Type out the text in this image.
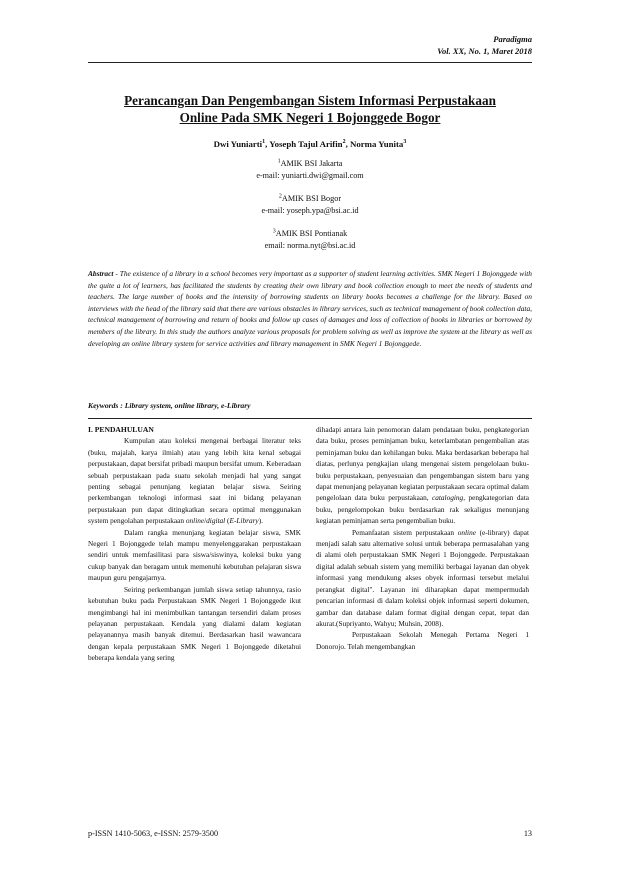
Paradigma
Vol. XX, No. 1, Maret 2018
Perancangan Dan Pengembangan Sistem Informasi Perpustakaan
Online Pada SMK Negeri 1 Bojonggede Bogor
Dwi Yuniarti$^1$, Yoseph Tajul Arifin$^2$, Norma Yunita$^3$
$^1$AMIK BSI Jakarta
e-mail: yuniarti.dwi@gmail.com
$^2$AMIK BSI Bogor
e-mail: yoseph.ypa@bsi.ac.id
$^3$AMIK BSI Pontianak
email: norma.nyt@bsi.ac.id
Abstract - The existence of a library in a school becomes very important as a supporter of student learning activities. SMK Negeri 1 Bojonggede with the quite a lot of learners, has facilitated the students by creating their own library and book collection enough to meet the needs of students and teachers. The large number of books and the intensity of borrowing students on library books becomes a challenge for the library. Based on interviews with the head of the library said that there are various obstacles in library services, such as technical management of book collection data, technical management of borrowing and return of books and follow up cases of damages and loss of collection of books in libraries or borrowed by members of the library. In this study the authors analyze various proposals for problem solving as well as improve the system at the library as well as developing an online library system for service activities and library management in SMK Negeri 1 Bojonggede.
Keywords : Library system, online library, e-Library

I. PENDAHULUAN

Kumpulan atau koleksi mengenai berbagai literatur teks (buku, majalah, karya ilmiah) atau yang lebih kita kenal sebagai perpustakaan, dapat bersifat pribadi maupun bersifat umum. Keberadaan sebuah perpustakaan pada suatu sekolah menjadi hal yang sangat penting sebagai penunjang kegiatan belajar siswa. Seiring perkembangan teknologi informasi saat ini bidang pelayanan perpustakaan pun dapat ditingkatkan secara optimal menggunakan system pengolahan perpustakaan online/digital (E-Library).

Dalam rangka menunjang kegiatan belajar siswa, SMK Negeri 1 Bojonggede telah mampu menyelenggarakan perpustakaan sendiri untuk memfasilitasi para siswa/siswinya, koleksi buku yang cukup banyak dan beragam untuk memenuhi kebutuhan pelajaran siswa maupun guru pengajarnya.

Seiring perkembangan jumlah siswa setiap tahunnya, rasio kebutuhan buku pada Perpustakaan SMK Negeri 1 Bojonggede ikut mengimbangi hal ini menimbulkan tantangan tersendiri dalam proses pelayanan perpustakaan. Kendala yang dialami dalam kegiatan pelayanannya masih banyak ditemui. Berdasarkan hasil wawancara dengan kepala perpustakaan SMK Negeri 1 Bojonggede diketahui beberapa kendala yang sering

dihadapi antara lain penomoran dalam pendataan buku, pengkategorian data buku, proses peminjaman buku, keterlambatan pengembalian atas peminjaman buku dan kehilangan buku. Maka berdasarkan beberapa hal diatas, perlunya pengkajian ulang mengenai sistem pengelolaan buku-buku perpustakaan, penyesuaian dan pengembangan sistem baru yang dapat menunjang pelayanan kegiatan perpustakaan secara optimal dalam pengelolaan data buku perpustakaan, cataloging, pengkategorian data buku, pengelompokan buku berdasarkan rak sekaligus menunjang kegiatan peminjaman serta pengembalian buku.

Pemanfaatan sistem perpustakaan online (e-library) dapat menjadi salah satu alternative solusi untuk beberapa permasalahan yang di alami oleh perpustakaan SMK Negeri 1 Bojonggede. Perpustakaan digital adalah sebuah sistem yang memiliki berbagai layanan dan obyek informasi yang mendukung akses obyek informasi tersebut melalui perangkat digital". Layanan ini diharapkan dapat mempermudah pencarian informasi di dalam koleksi objek informasi seperti dokumen, gambar dan database dalam format digital dengan cepat, tepat dan akurat.(Supriyanto, Wahyu; Muhsin, 2008).

Perpustakaan Sekolah Menegah Pertama Negeri 1 Donorojo. Telah mengembangkan

p-ISSN 1410-5063, e-ISSN: 2579-3500	13
